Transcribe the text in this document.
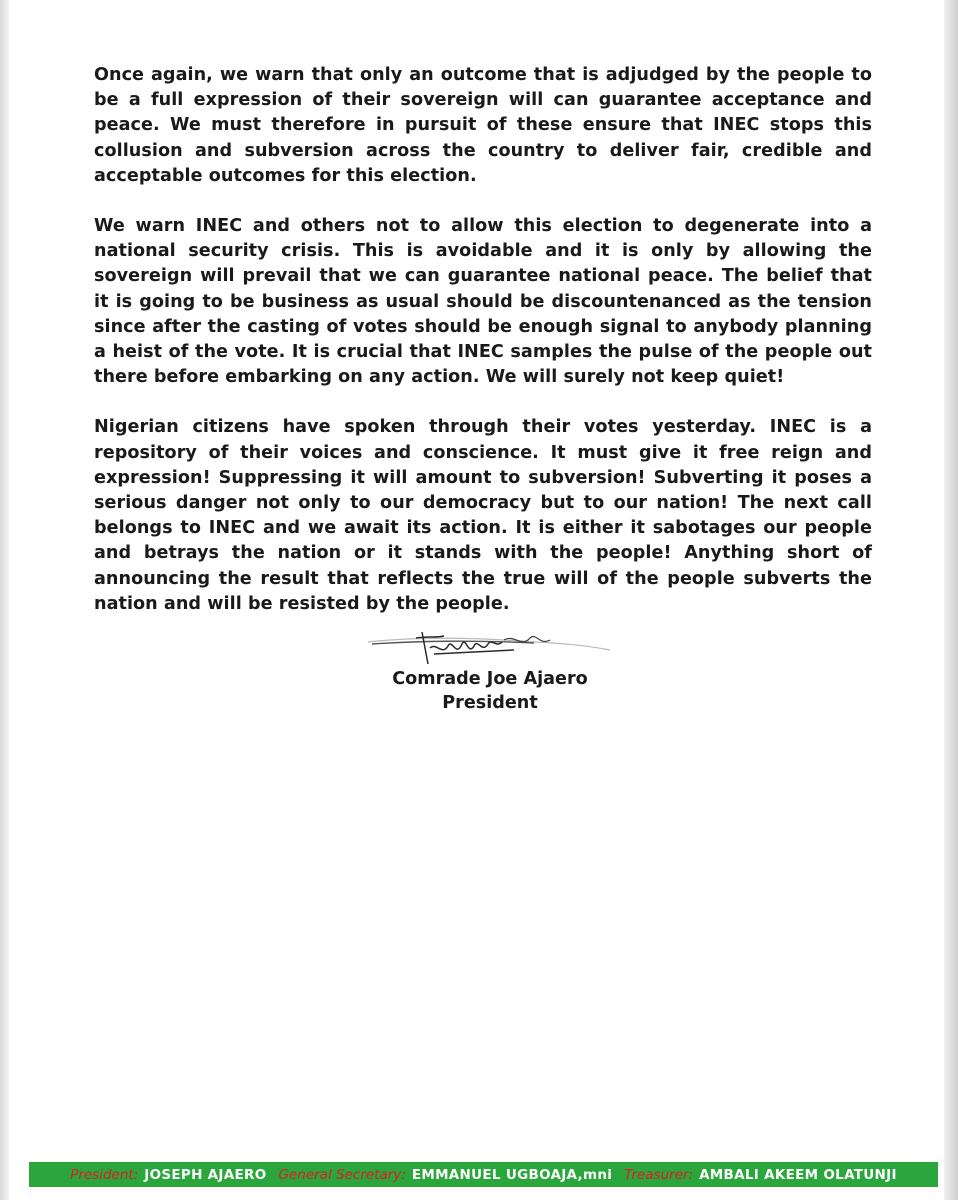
Once again, we warn that only an outcome that is adjudged by the people to be a full expression of their sovereign will can guarantee acceptance and peace. We must therefore in pursuit of these ensure that INEC stops this collusion and subversion across the country to deliver fair, credible and acceptable outcomes for this election.

We warn INEC and others not to allow this election to degenerate into a national security crisis. This is avoidable and it is only by allowing the sovereign will prevail that we can guarantee national peace. The belief that it is going to be business as usual should be discountenanced as the tension since after the casting of votes should be enough signal to anybody planning a heist of the vote. It is crucial that INEC samples the pulse of the people out there before embarking on any action. We will surely not keep quiet!

Nigerian citizens have spoken through their votes yesterday. INEC is a repository of their voices and conscience. It must give it free reign and expression! Suppressing it will amount to subversion! Subverting it poses a serious danger not only to our democracy but to our nation! The next call belongs to INEC and we await its action. It is either it sabotages our people and betrays the nation or it stands with the people! Anything short of announcing the result that reflects the true will of the people subverts the nation and will be resisted by the people.

Comrade Joe Ajaero
President
President: JOSEPH AJAERO General Secretary: EMMANUEL UGBOAJA,mni Treasurer: AMBALI AKEEM OLATUNJI
